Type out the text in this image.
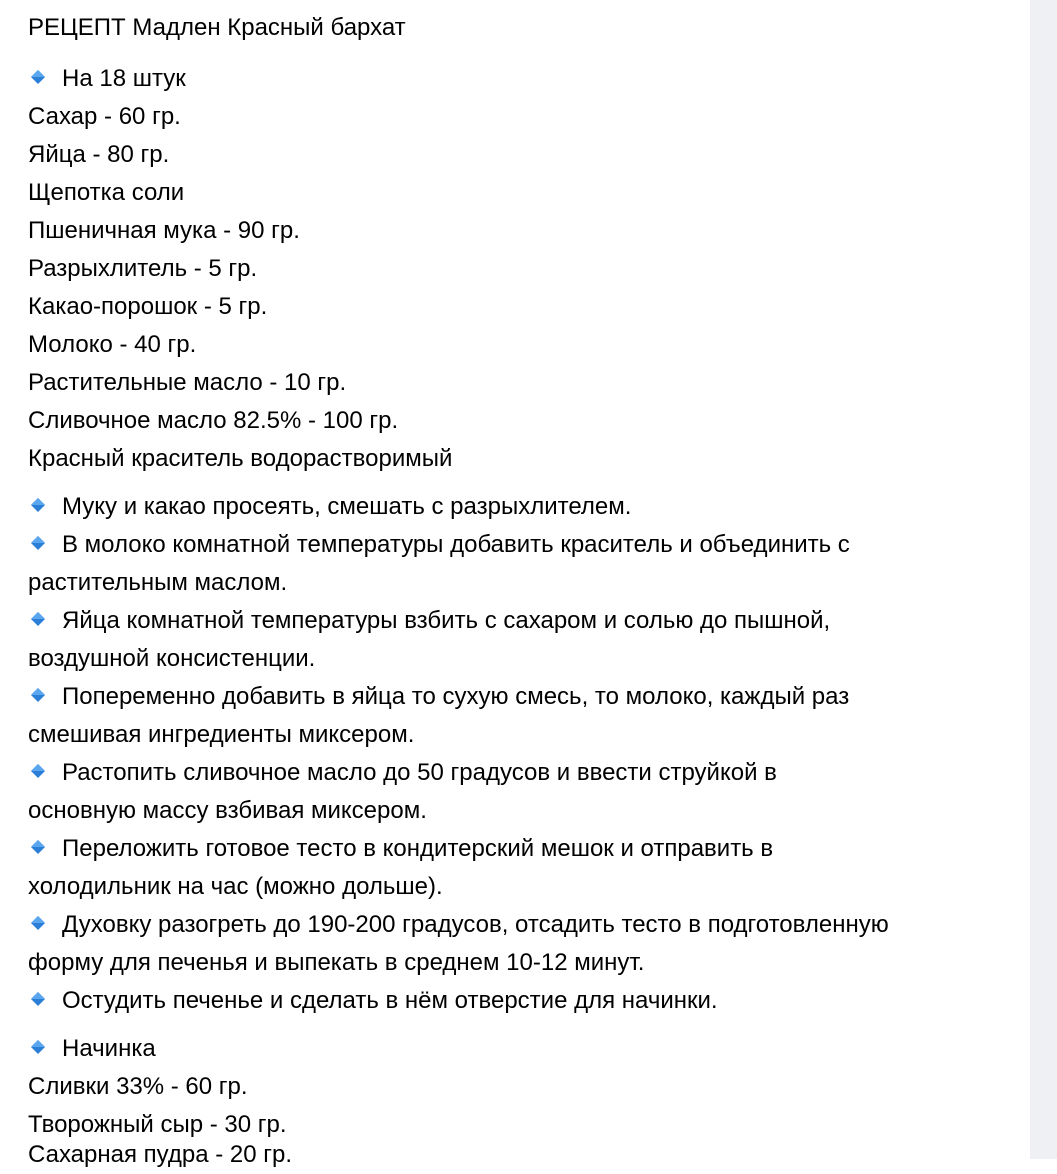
РЕЦЕПТ Мадлен Красный бархат
На 18 штук
Сахар - 60 гр.
Яйца - 80 гр.
Щепотка соли
Пшеничная мука - 90 гр.
Разрыхлитель - 5 гр.
Какао-порошок - 5 гр.
Молоко - 40 гр.
Растительные масло - 10 гр.
Сливочное масло 82.5% - 100 гр.
Красный краситель водорастворимый
Муку и какао просеять, смешать с разрыхлителем.
В молоко комнатной температуры добавить краситель и объединить с
растительным маслом.
Яйца комнатной температуры взбить с сахаром и солью до пышной,
воздушной консистенции.
Попеременно добавить в яйца то сухую смесь, то молоко, каждый раз
смешивая ингредиенты миксером.
Растопить сливочное масло до 50 градусов и ввести струйкой в
основную массу взбивая миксером.
Переложить готовое тесто в кондитерский мешок и отправить в
холодильник на час (можно дольше).
Духовку разогреть до 190-200 градусов, отсадить тесто в подготовленную
форму для печенья и выпекать в среднем 10-12 минут.
Остудить печенье и сделать в нём отверстие для начинки.
Начинка
Сливки 33% - 60 гр.
Творожный сыр - 30 гр.
Сахарная пудра - 20 гр.
